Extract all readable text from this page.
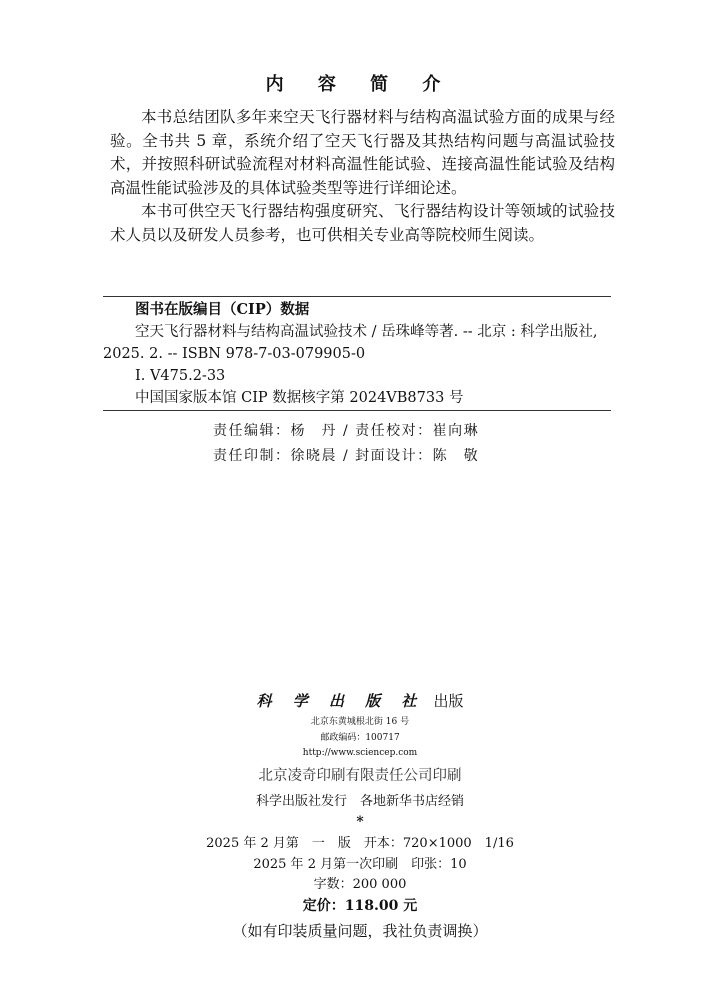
内 容 简 介

本书总结团队多年来空天飞行器材料与结构高温试验方面的成果与经验。全书共 5 章，系统介绍了空天飞行器及其热结构问题与高温试验技术，并按照科研试验流程对材料高温性能试验、连接高温性能试验及结构高温性能试验涉及的具体试验类型等进行详细论述。

本书可供空天飞行器结构强度研究、飞行器结构设计等领域的试验技术人员以及研发人员参考，也可供相关专业高等院校师生阅读。

图书在版编目（CIP）数据
空天飞行器材料与结构高温试验技术 / 岳珠峰等著. -- 北京 : 科学出版社, 2025. 2. -- ISBN 978-7-03-079905-0
Ⅰ. V475.2-33
中国国家版本馆 CIP 数据核字第 2024VB8733 号
责任编辑：杨　丹 / 责任校对：崔向琳
责任印制：徐晓晨 / 封面设计：陈　敬
科 学 出 版 社 出版
北京东黄城根北街 16 号
邮政编码：100717
http://www.sciencep.com
北京凌奇印刷有限责任公司印刷
科学出版社发行　各地新华书店经销
*
2025 年 2 月第　一　版　开本：720×1000　1/16
2025 年 2 月第一次印刷　印张：10
字数：200 000
定价：118.00 元
（如有印装质量问题，我社负责调换）
